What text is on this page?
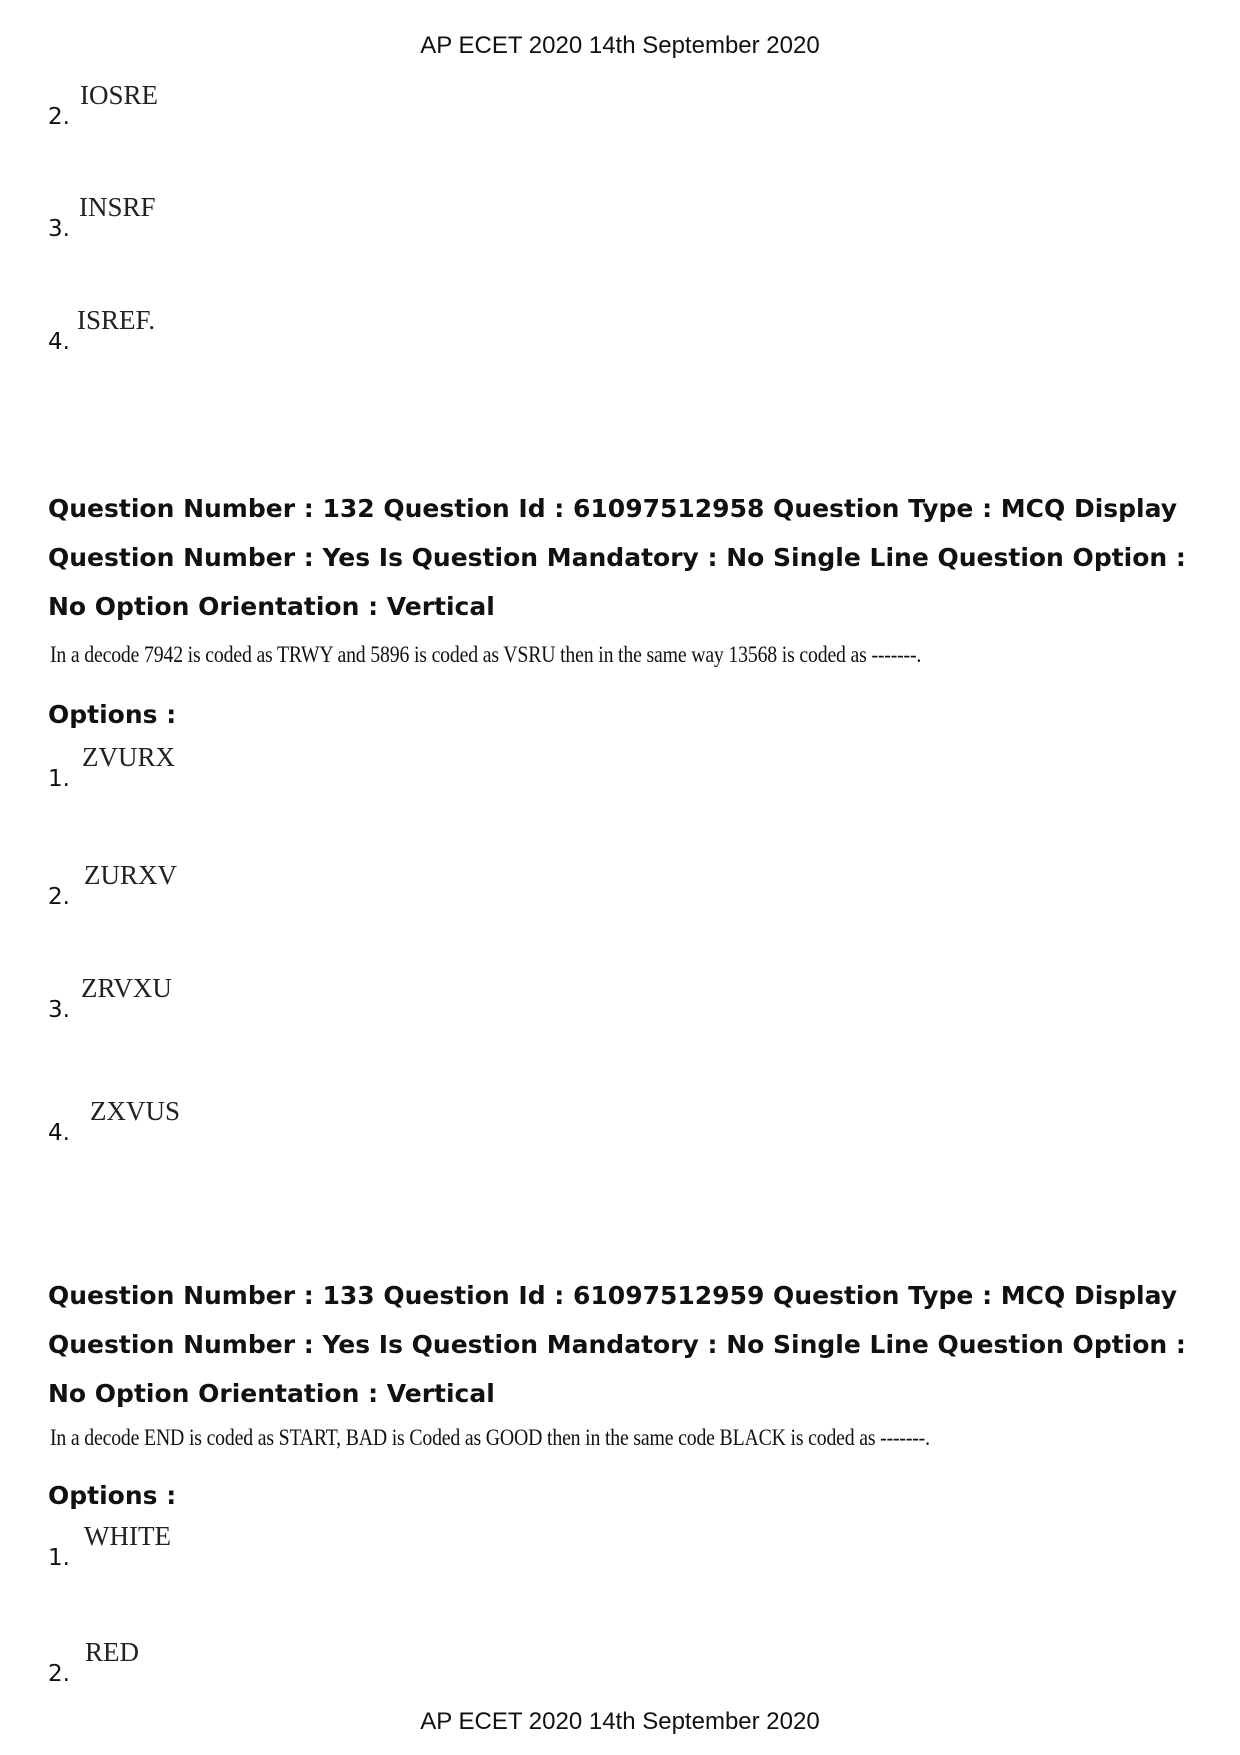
AP ECET 2020 14th September 2020
2.
IOSRE
3.
INSRF
4.
ISREF.
Question Number : 132 Question Id : 61097512958 Question Type : MCQ Display Question Number : Yes Is Question Mandatory : No Single Line Question Option : No Option Orientation : Vertical
In a decode 7942 is coded as TRWY and 5896 is coded as VSRU then in the same way 13568 is coded as -------.
Options :
1.
ZVURX
2.
ZURXV
3.
ZRVXU
4.
ZXVUS
Question Number : 133 Question Id : 61097512959 Question Type : MCQ Display Question Number : Yes Is Question Mandatory : No Single Line Question Option : No Option Orientation : Vertical
In a decode END is coded as START, BAD is Coded as GOOD then in the same code BLACK is coded as -------.
Options :
1.
WHITE
2.
RED
AP ECET 2020 14th September 2020
